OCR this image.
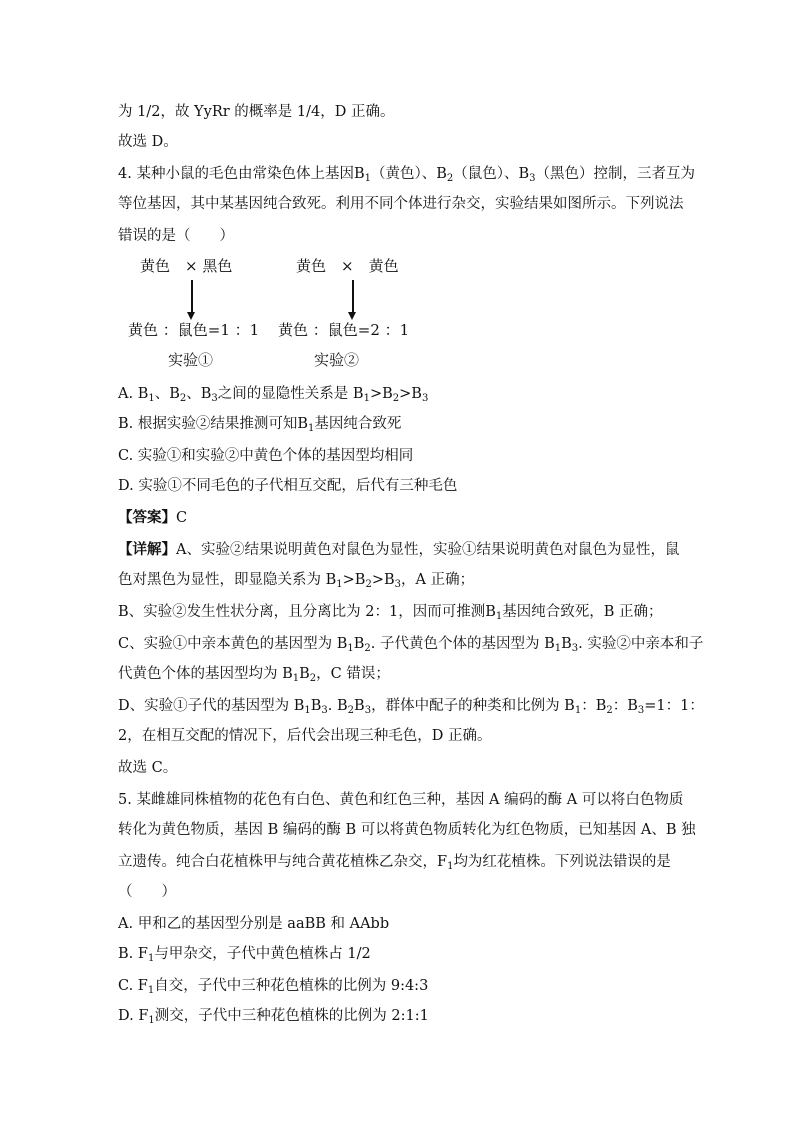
为 1/2，故 YyRr 的概率是 1/4，D 正确。
故选 D。
4. 某种小鼠的毛色由常染色体上基因$B_1$（黄色）、$B_2$（鼠色）、$B_3$（黑色）控制，三者互为
等位基因，其中某基因纯合致死。利用不同个体进行杂交，实验结果如图所示。下列说法
错误的是（　　）
黄色　× 黑色
黄色 ：鼠色=1 ：1
实验①
黄色　×　黄色
黄色 ：鼠色=2 ：1
实验②
A. $B_1$、$B_2$、$B_3$之间的显隐性关系是 $B_1>B_2>B_3$
B. 根据实验②结果推测可知$B_1$基因纯合致死
C. 实验①和实验②中黄色个体的基因型均相同
D. 实验①不同毛色的子代相互交配，后代有三种毛色
【答案】C
【详解】A、实验②结果说明黄色对鼠色为显性，实验①结果说明黄色对鼠色为显性，鼠
色对黑色为显性，即显隐关系为 $B_1>B_2>B_3$，A 正确；
B、实验②发生性状分离，且分离比为 2：1，因而可推测$B_1$基因纯合致死，B 正确；
C、实验①中亲本黄色的基因型为 $B_1B_2$. 子代黄色个体的基因型为 $B_1B_3$. 实验②中亲本和子
代黄色个体的基因型均为 $B_1B_2$，C 错误；
D、实验①子代的基因型为 $B_1B_3$. $B_2B_3$，群体中配子的种类和比例为 $B_1$：$B_2$：$B_3=1$：1：
2，在相互交配的情况下，后代会出现三种毛色，D 正确。
故选 C。
5. 某雌雄同株植物的花色有白色、黄色和红色三种，基因 A 编码的酶 A 可以将白色物质
转化为黄色物质，基因 B 编码的酶 B 可以将黄色物质转化为红色物质，已知基因 A、B 独
立遗传。纯合白花植株甲与纯合黄花植株乙杂交，$F_1$均为红花植株。下列说法错误的是
（　　）
A. 甲和乙的基因型分别是 aaBB 和 AAbb
B. $F_1$与甲杂交，子代中黄色植株占 1/2
C. $F_1$自交，子代中三种花色植株的比例为 9:4:3
D. $F_1$测交，子代中三种花色植株的比例为 2:1:1
